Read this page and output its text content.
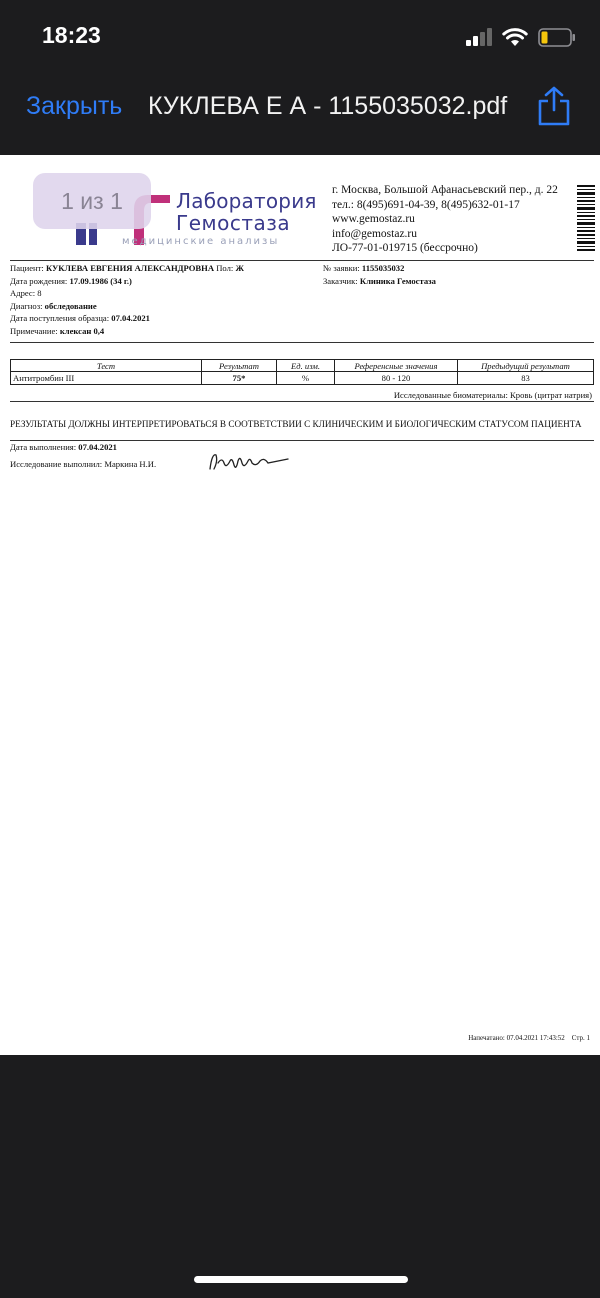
18:23
Закрыть КУКЛЕВА Е А - 1155035032.pdf
1 из 1	Лаборатория
Гемостаза
медицинские анализы
г. Москва, Большой Афанасьевский пер., д. 22
тел.: 8(495)691-04-39, 8(495)632-01-17
www.gemostaz.ru
info@gemostaz.ru
ЛО-77-01-019715 (бессрочно)
Пациент: КУКЛЕВА ЕВГЕНИЯ АЛЕКСАНДРОВНА Пол: Ж
Дата рождения: 17.09.1986 (34 г.)
Адрес: 8
Диагноз: обследование
Дата поступления образца: 07.04.2021
Примечание: клексан 0,4
№ заявки: 1155035032
Заказчик: Клиника Гемостаза
Тест	Результат	Ед. изм.	Референсные значения	Предыдущий результат
Антитромбин III	75*	%	80 - 120	83
Исследованные биоматериалы: Кровь (цитрат натрия)
РЕЗУЛЬТАТЫ ДОЛЖНЫ ИНТЕРПРЕТИРОВАТЬСЯ В СООТВЕТСТВИИ С КЛИНИЧЕСКИМ И БИОЛОГИЧЕСКИМ СТАТУСОМ ПАЦИЕНТА
Дата выполнения: 07.04.2021
Исследование выполнил: Маркина Н.И.
Напечатано: 07.04.2021 17:43:52 Стр. 1
